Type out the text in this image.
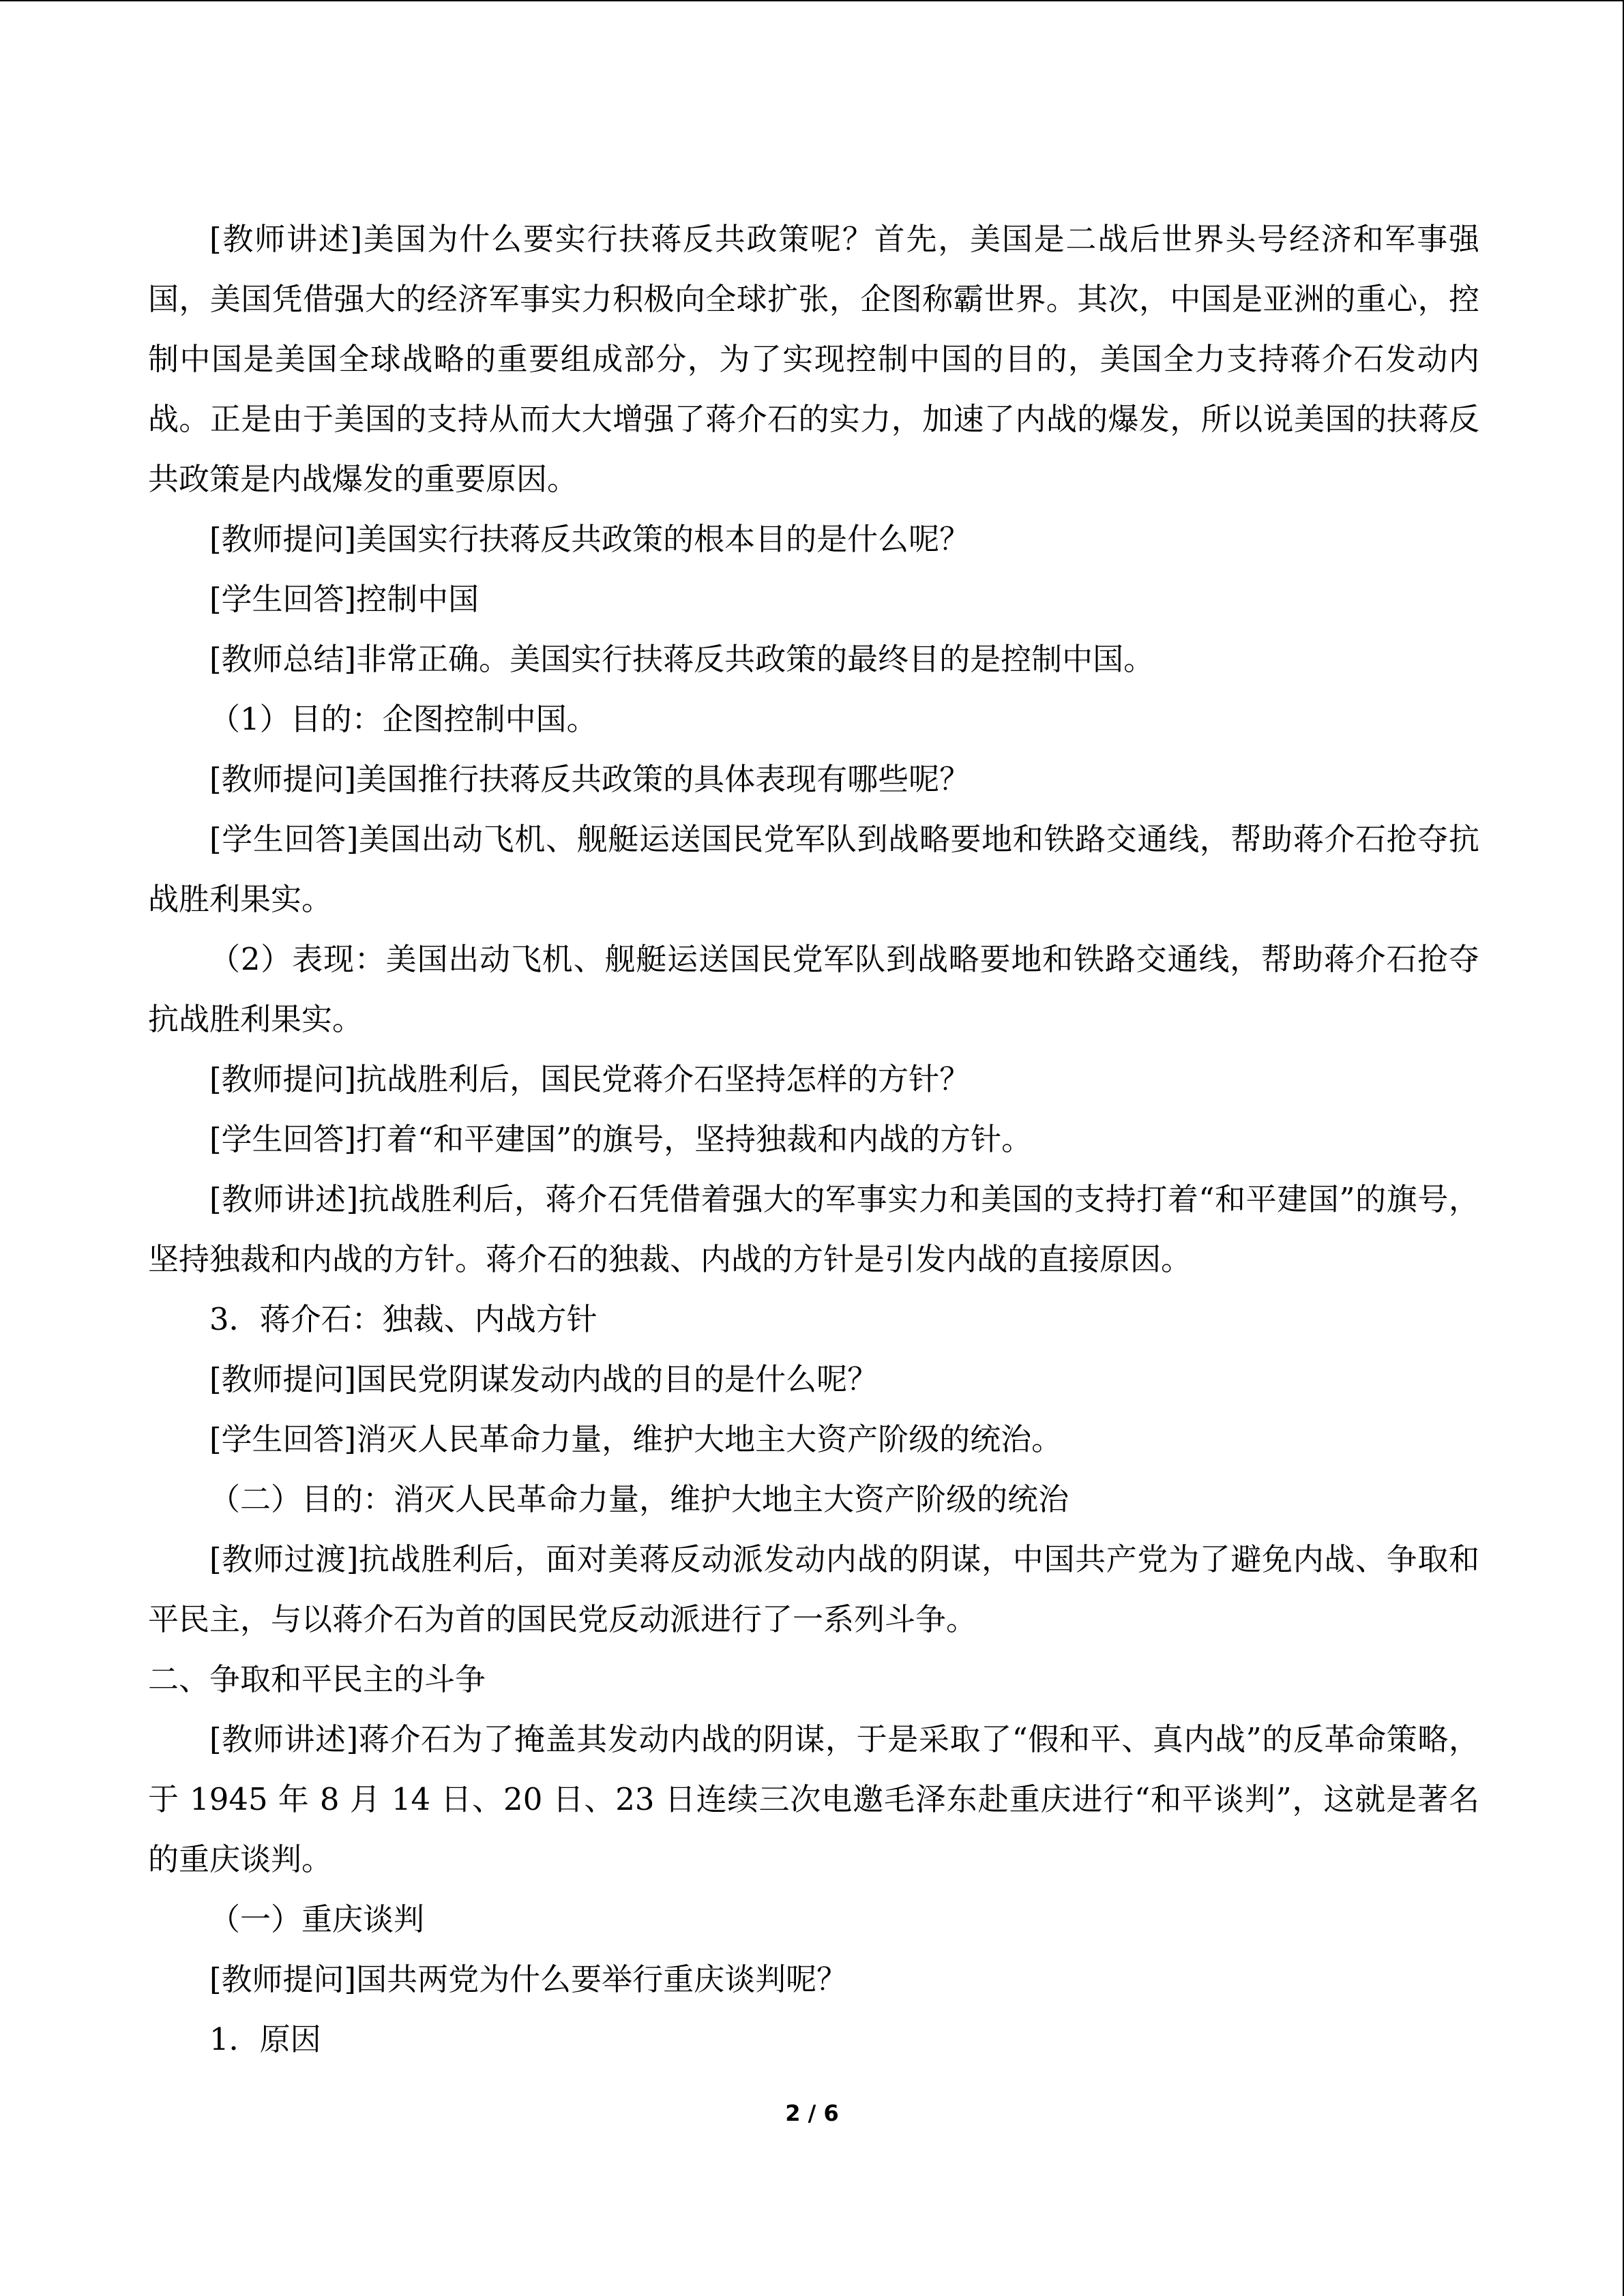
[教师讲述]美国为什么要实行扶蒋反共政策呢？首先，美国是二战后世界头号经济和军事强国，美国凭借强大的经济军事实力积极向全球扩张，企图称霸世界。其次，中国是亚洲的重心，控制中国是美国全球战略的重要组成部分，为了实现控制中国的目的，美国全力支持蒋介石发动内战。正是由于美国的支持从而大大增强了蒋介石的实力，加速了内战的爆发，所以说美国的扶蒋反共政策是内战爆发的重要原因。

[教师提问]美国实行扶蒋反共政策的根本目的是什么呢？

[学生回答]控制中国

[教师总结]非常正确。美国实行扶蒋反共政策的最终目的是控制中国。

（1）目的：企图控制中国。

[教师提问]美国推行扶蒋反共政策的具体表现有哪些呢？

[学生回答]美国出动飞机、舰艇运送国民党军队到战略要地和铁路交通线，帮助蒋介石抢夺抗战胜利果实。

（2）表现：美国出动飞机、舰艇运送国民党军队到战略要地和铁路交通线，帮助蒋介石抢夺抗战胜利果实。

[教师提问]抗战胜利后，国民党蒋介石坚持怎样的方针？

[学生回答]打着“和平建国”的旗号，坚持独裁和内战的方针。

[教师讲述]抗战胜利后，蒋介石凭借着强大的军事实力和美国的支持打着“和平建国”的旗号，坚持独裁和内战的方针。蒋介石的独裁、内战的方针是引发内战的直接原因。

3．蒋介石：独裁、内战方针

[教师提问]国民党阴谋发动内战的目的是什么呢？

[学生回答]消灭人民革命力量，维护大地主大资产阶级的统治。

（二）目的：消灭人民革命力量，维护大地主大资产阶级的统治

[教师过渡]抗战胜利后，面对美蒋反动派发动内战的阴谋，中国共产党为了避免内战、争取和平民主，与以蒋介石为首的国民党反动派进行了一系列斗争。

二、争取和平民主的斗争

[教师讲述]蒋介石为了掩盖其发动内战的阴谋，于是采取了“假和平、真内战”的反革命策略，于 1945 年 8 月 14 日、20 日、23 日连续三次电邀毛泽东赴重庆进行“和平谈判”，这就是著名的重庆谈判。

（一）重庆谈判

[教师提问]国共两党为什么要举行重庆谈判呢？

1．原因

2 / 6
